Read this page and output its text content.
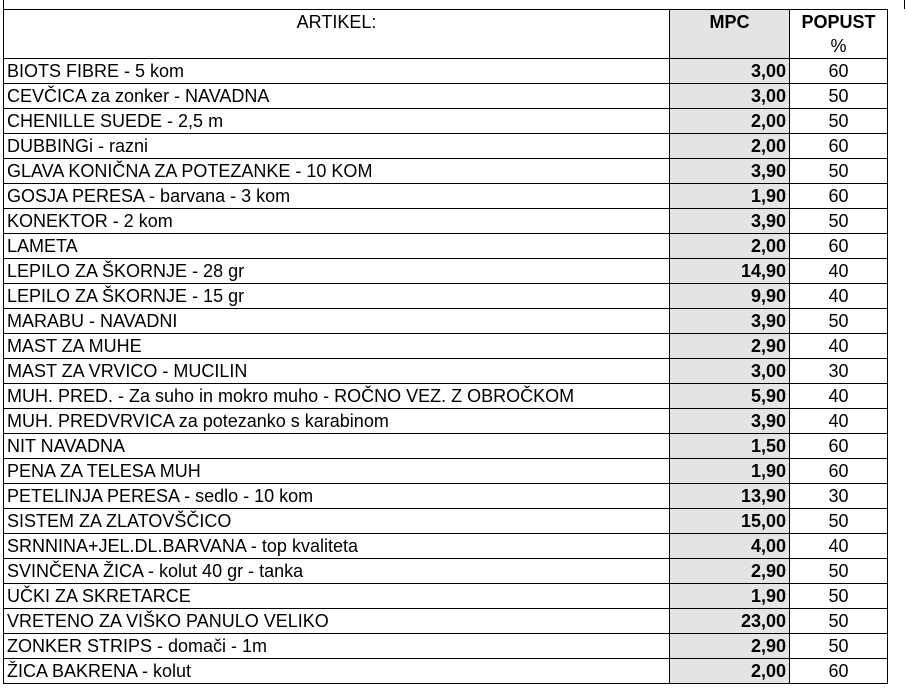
ARTIKEL:	MPC	POPUST
		%
BIOTS FIBRE - 5 kom	3,00	60
CEVČICA za zonker - NAVADNA	3,00	50
CHENILLE SUEDE - 2,5 m	2,00	50
DUBBINGi - razni	2,00	60
GLAVA KONIČNA ZA POTEZANKE - 10 KOM	3,90	50
GOSJA PERESA - barvana - 3 kom	1,90	60
KONEKTOR - 2 kom	3,90	50
LAMETA	2,00	60
LEPILO ZA ŠKORNJE - 28 gr	14,90	40
LEPILO ZA ŠKORNJE - 15 gr	9,90	40
MARABU - NAVADNI	3,90	50
MAST ZA MUHE	2,90	40
MAST ZA VRVICO - MUCILIN	3,00	30
MUH. PRED. - Za suho in mokro muho - ROČNO VEZ. Z OBROČKOM	5,90	40
MUH. PREDVRVICA za potezanko s karabinom	3,90	40
NIT NAVADNA	1,50	60
PENA ZA TELESA MUH	1,90	60
PETELINJA PERESA - sedlo - 10 kom	13,90	30
SISTEM ZA ZLATOVŠČICO	15,00	50
SRNNINA+JEL.DL.BARVANA - top kvaliteta	4,00	40
SVINČENA ŽICA - kolut 40 gr - tanka	2,90	50
UČKI ZA SKRETARCE	1,90	50
VRETENO ZA VIŠKO PANULO VELIKO	23,00	50
ZONKER STRIPS - domači - 1m	2,90	50
ŽICA BAKRENA - kolut	2,00	60
